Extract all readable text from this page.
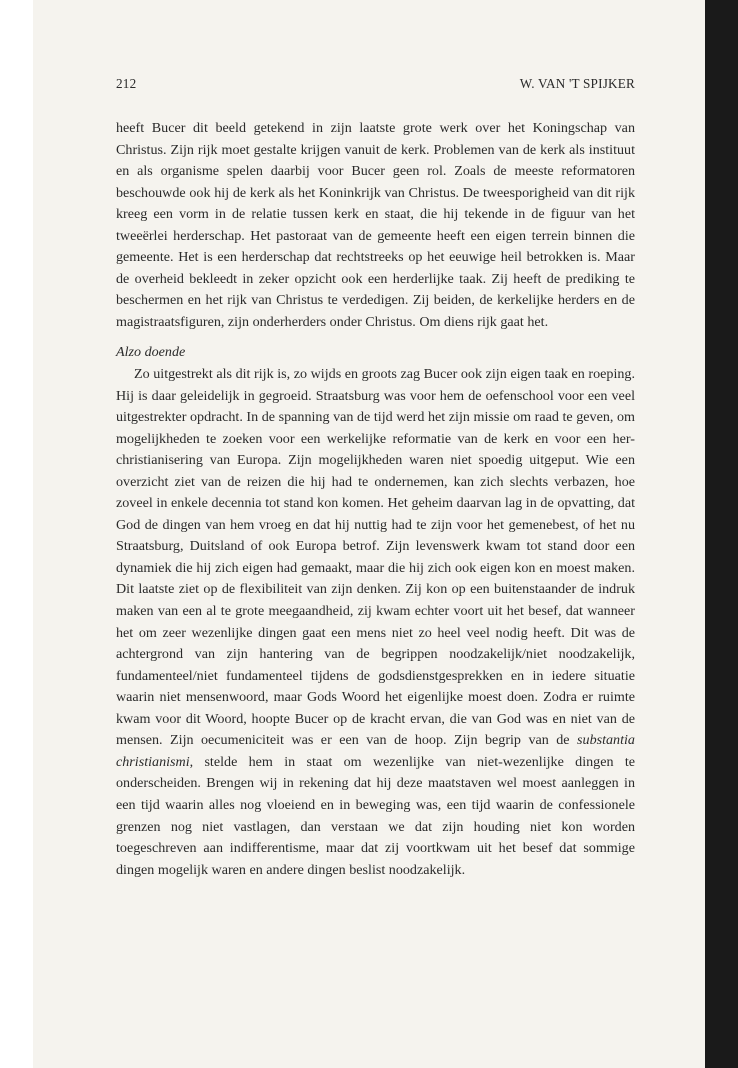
212	W. VAN 'T SPIJKER

heeft Bucer dit beeld getekend in zijn laatste grote werk over het Koningschap van Christus. Zijn rijk moet gestalte krijgen vanuit de kerk. Problemen van de kerk als instituut en als organisme spelen daarbij voor Bucer geen rol. Zoals de meeste reformatoren beschouwde ook hij de kerk als het Koninkrijk van Christus. De tweesporigheid van dit rijk kreeg een vorm in de relatie tussen kerk en staat, die hij tekende in de figuur van het tweeërlei herderschap. Het pastoraat van de gemeente heeft een eigen terrein binnen die gemeente. Het is een herderschap dat rechtstreeks op het eeuwige heil betrokken is. Maar de overheid bekleedt in zeker opzicht ook een herderlijke taak. Zij heeft de prediking te beschermen en het rijk van Christus te verdedigen. Zij beiden, de kerkelijke herders en de magistraatsfiguren, zijn onderherders onder Christus. Om diens rijk gaat het.

Alzo doende

Zo uitgestrekt als dit rijk is, zo wijds en groots zag Bucer ook zijn eigen taak en roeping. Hij is daar geleidelijk in gegroeid. Straatsburg was voor hem de oefenschool voor een veel uitgestrekter opdracht. In de spanning van de tijd werd het zijn missie om raad te geven, om mogelijkheden te zoeken voor een werkelijke reformatie van de kerk en voor een her-christianisering van Europa. Zijn mogelijkheden waren niet spoedig uitgeput. Wie een overzicht ziet van de reizen die hij had te ondernemen, kan zich slechts verbazen, hoe zoveel in enkele decennia tot stand kon komen. Het geheim daarvan lag in de opvatting, dat God de dingen van hem vroeg en dat hij nuttig had te zijn voor het gemenebest, of het nu Straatsburg, Duitsland of ook Europa betrof. Zijn levenswerk kwam tot stand door een dynamiek die hij zich eigen had gemaakt, maar die hij zich ook eigen kon en moest maken. Dit laatste ziet op de flexibiliteit van zijn denken. Zij kon op een buitenstaander de indruk maken van een al te grote meegaandheid, zij kwam echter voort uit het besef, dat wanneer het om zeer wezenlijke dingen gaat een mens niet zo heel veel nodig heeft. Dit was de achtergrond van zijn hantering van de begrippen noodzakelijk/niet noodzakelijk, fundamenteel/niet fundamenteel tijdens de godsdienstgesprekken en in iedere situatie waarin niet mensenwoord, maar Gods Woord het eigenlijke moest doen. Zodra er ruimte kwam voor dit Woord, hoopte Bucer op de kracht ervan, die van God was en niet van de mensen. Zijn oecumeniciteit was er een van de hoop. Zijn begrip van de substantia christianismi, stelde hem in staat om wezenlijke van niet-wezenlijke dingen te onderscheiden. Brengen wij in rekening dat hij deze maatstaven wel moest aanleggen in een tijd waarin alles nog vloeiend en in beweging was, een tijd waarin de confessionele grenzen nog niet vastlagen, dan verstaan we dat zijn houding niet kon worden toegeschreven aan indifferentisme, maar dat zij voortkwam uit het besef dat sommige dingen mogelijk waren en andere dingen beslist noodzakelijk.
